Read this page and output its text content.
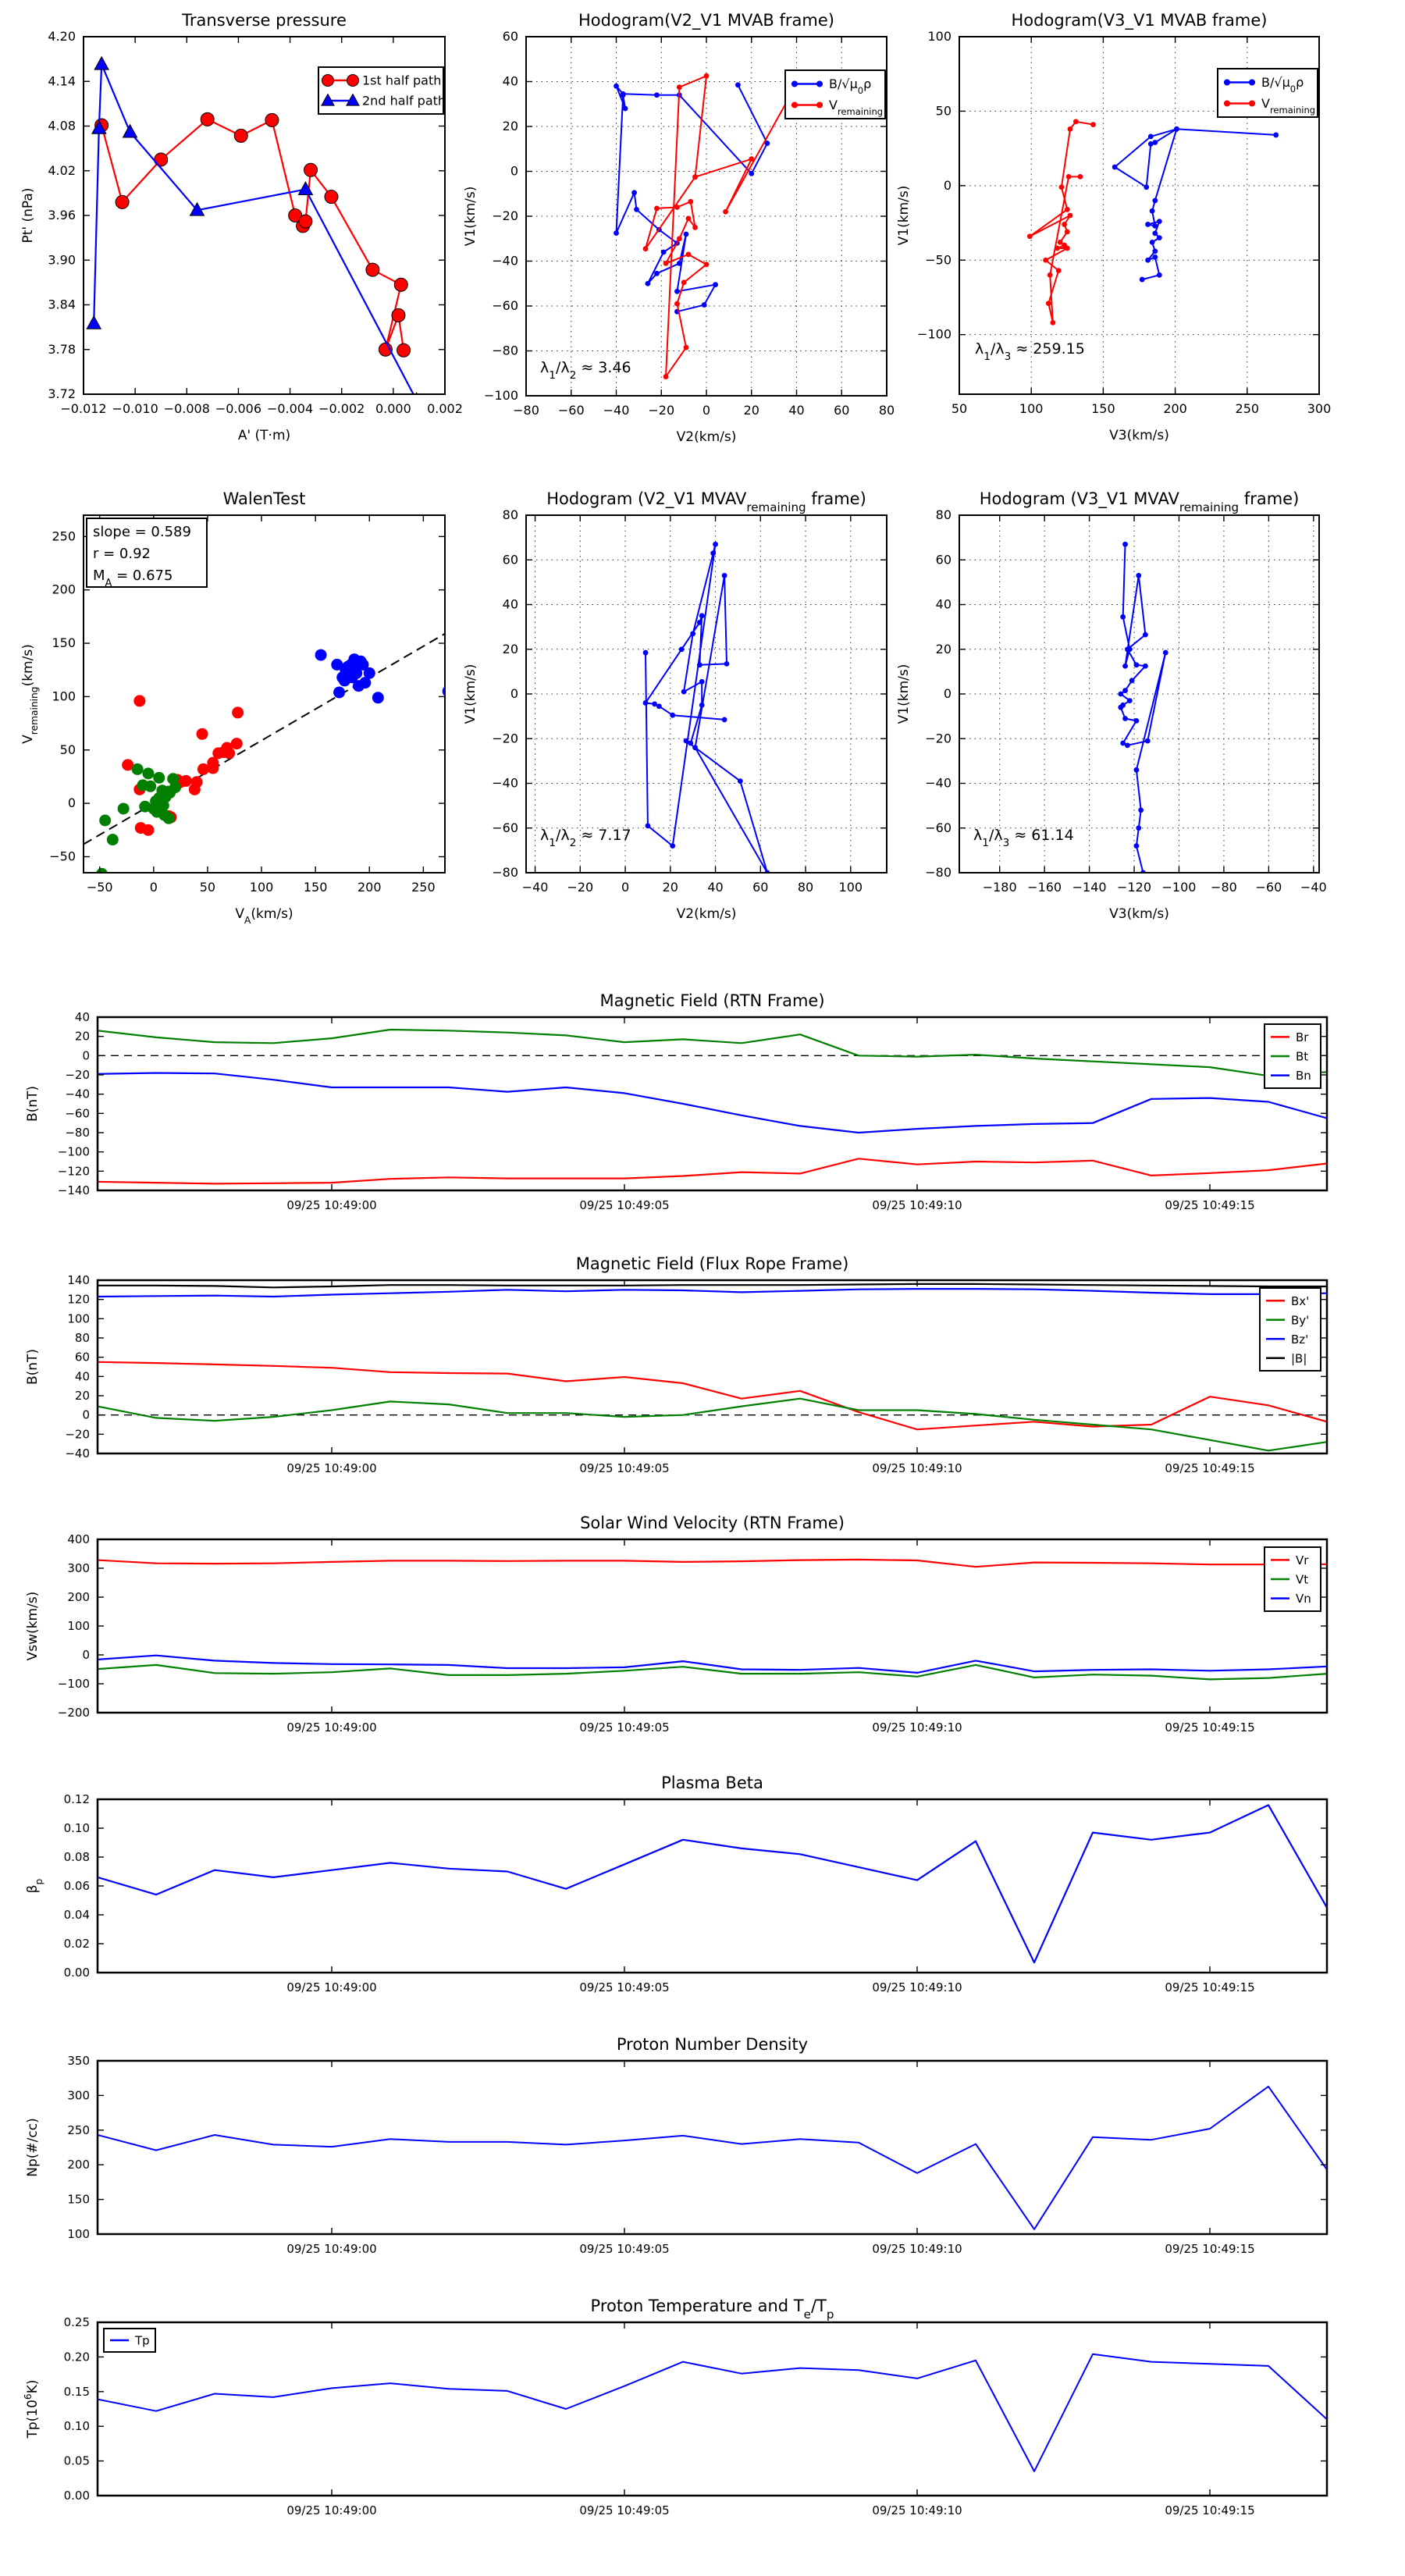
−0.012 −0.010 −0.008 −0.006 −0.004 −0.002 0.000 0.002
3.72
3.78
3.84
3.90
3.96
4.02
4.08
4.14
4.20
Transverse pressure
A' (T·m)
Pt' (nPa)
1st half path
2nd half path
−80 −60 −40 −20 0	20 40 60 80
−100
−80
−60
−40
−20
0
20
40
60
Hodogram(V2_V1 MVAB frame)
V2(km/s)
V1(km/s)
$\lambda_1/\lambda_2 \approx 3.46$
$B/√\mu_0\rho$
$V_{remaining}$
50	100	150	200	250	300
−100
−50
0
50
100
Hodogram(V3_V1 MVAB frame)
V3(km/s)
V1(km/s)
$\lambda_1/\lambda_3 \approx 259.15$
$B/√\mu_0\rho$
$V_{remaining}$
−50	0	50	100 150 200 250
−50
0
50
100
150
200
250
WalenTest
$V_A(km/s)$
$V_{remaining}(km/s)$
slope = 0.589
r = 0.92
$M_A = 0.675$
−40 −20 0	20 40 60 80 100
−80
−60
−40
−20
0
20
40
60
80
Hodogram (V2_V1 $MVAV_{remaining}$ frame)
V2(km/s)
V1(km/s)
$\lambda_1/\lambda_2 \approx 7.17$
−180 −160 −140 −120 −100 −80 −60 −40
−80
−60
−40
−20
0
20
40
60
80
Hodogram (V3_V1 $MVAV_{remaining}$ frame)
V3(km/s)
V1(km/s)
$\lambda_1/\lambda_3 \approx 61.14$
09/25 10:49:00	09/25 10:49:05	09/25 10:49:10	09/25 10:49:15
−140
−120
−100
−80
−60
−40
−20
0
20
40
Magnetic Field (RTN Frame)
B(nT)
Br
Bt
Bn
09/25 10:49:00	09/25 10:49:05	09/25 10:49:10	09/25 10:49:15
−40
−20
0
20
40
60
80
100
120
140
Magnetic Field (Flux Rope Frame)
B(nT)
Bx'
By'
Bz'
|B|
09/25 10:49:00	09/25 10:49:05	09/25 10:49:10	09/25 10:49:15
−200
−100
0
100
200
300
400
Solar Wind Velocity (RTN Frame)
Vsw(km/s)
Vr
Vt
Vn
09/25 10:49:00	09/25 10:49:05	09/25 10:49:10	09/25 10:49:15
0.00
0.02
0.04
0.06
0.08
0.10
0.12
Plasma Beta
$\beta_p$
09/25 10:49:00	09/25 10:49:05	09/25 10:49:10	09/25 10:49:15
100
150
200
250
300
350
Proton Number Density
Np(#/cc)
09/25 10:49:00	09/25 10:49:05	09/25 10:49:10	09/25 10:49:15
0.00
0.05
0.10
0.15
0.20
0.25
Proton Temperature and $T_e/T_p$
$Tp(10^6K)$
Tp
